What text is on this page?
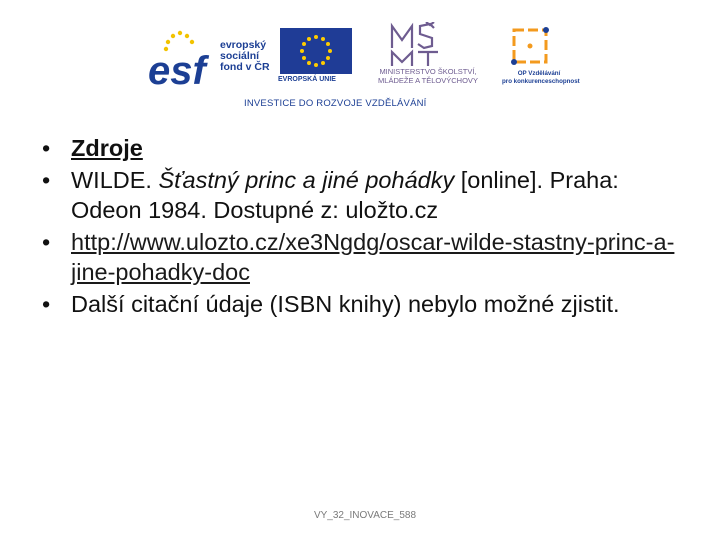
esf
evropský
sociální
fond v ČR
EVROPSKÁ UNIE
MINISTERSTVO ŠKOLSTVÍ,
MLÁDEŽE A TĚLOVÝCHOVY
OP Vzdělávání
pro konkurenceschopnost
INVESTICE DO ROZVOJE VZDĚLÁVÁNÍ
• Zdroje
• WILDE. Šťastný princ a jiné pohádky [online]. Praha: Odeon 1984. Dostupné z: uložto.cz
• http://www.ulozto.cz/xe3Ngdg/oscar-wilde-stastny-princ-a-jine-pohadky-doc
• Další citační údaje (ISBN knihy) nebylo možné zjistit.
VY_32_INOVACE_588
